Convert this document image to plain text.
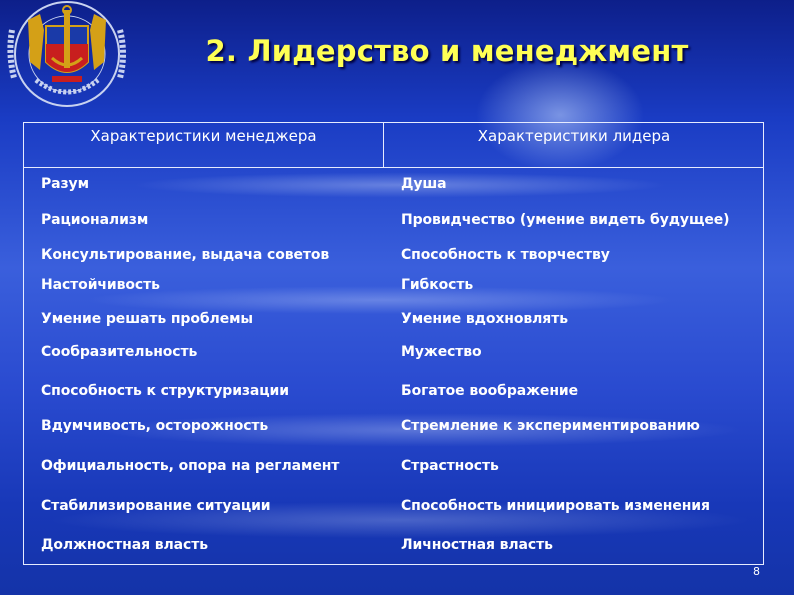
2. Лидерство и менеджмент
Характеристики менеджера	Характеристики лидера
Разум	Душа
Рационализм	Провидчество (умение видеть будущее)
Консультирование, выдача советов	Способность к творчеству
Настойчивость	Гибкость
Умение решать проблемы	Умение вдохновлять
Сообразительность	Мужество
Способность к структуризации	Богатое воображение
Вдумчивость, осторожность	Стремление к экспериментированию
Официальность, опора на регламент	Страстность
Стабилизирование ситуации	Способность инициировать изменения
Должностная власть	Личностная власть
8
